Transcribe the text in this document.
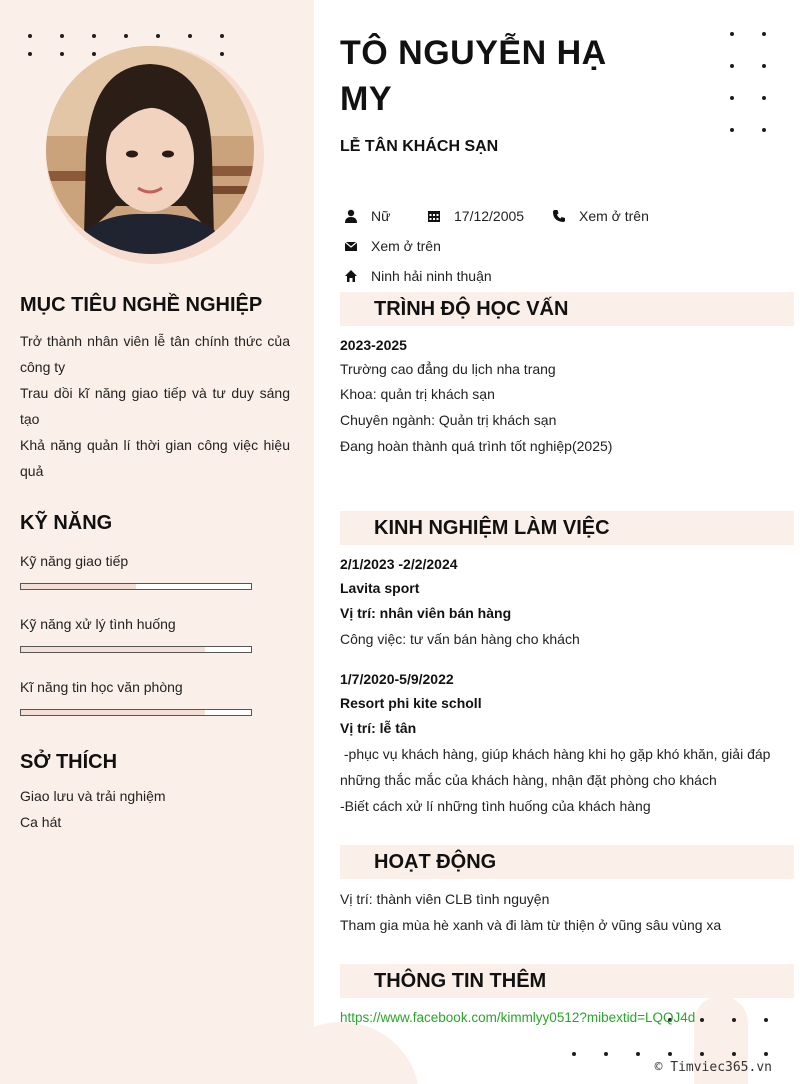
MỤC TIÊU NGHỀ NGHIỆP
Trở thành nhân viên lễ tân chính thức của công ty
Trau dồi kĩ năng giao tiếp và tư duy sáng tạo
Khả năng quản lí thời gian công việc hiệu quả
KỸ NĂNG
Kỹ năng giao tiếp
Kỹ năng xử lý tình huống
Kĩ năng tin học văn phòng
SỞ THÍCH
Giao lưu và trải nghiệm
Ca hát
TÔ NGUYỄN HẠ
MY
LỄ TÂN KHÁCH SẠN
Nữ	17/12/2005	Xem ở trên
Xem ở trên
Ninh hải ninh thuận
TRÌNH ĐỘ HỌC VẤN
2023-2025
Trường cao đẳng du lịch nha trang
Khoa: quản trị khách sạn
Chuyên ngành: Quản trị khách sạn
Đang hoàn thành quá trình tốt nghiệp(2025)
KINH NGHIỆM LÀM VIỆC
2/1/2023 -2/2/2024
Lavita sport
Vị trí: nhân viên bán hàng
Công việc: tư vấn bán hàng cho khách
1/7/2020-5/9/2022
Resort phi kite scholl
Vị trí: lễ tân
-phục vụ khách hàng, giúp khách hàng khi họ gặp khó khăn, giải đáp
những thắc mắc của khách hàng, nhận đặt phòng cho khách
-Biết cách xử lí những tình huống của khách hàng
HOẠT ĐỘNG
Vị trí: thành viên CLB tình nguyện
Tham gia mùa hè xanh và đi làm từ thiện ở vũng sâu vùng xa
THÔNG TIN THÊM
https://www.facebook.com/kimmlyy0512?mibextid=LQQJ4d
© Timviec365.vn
